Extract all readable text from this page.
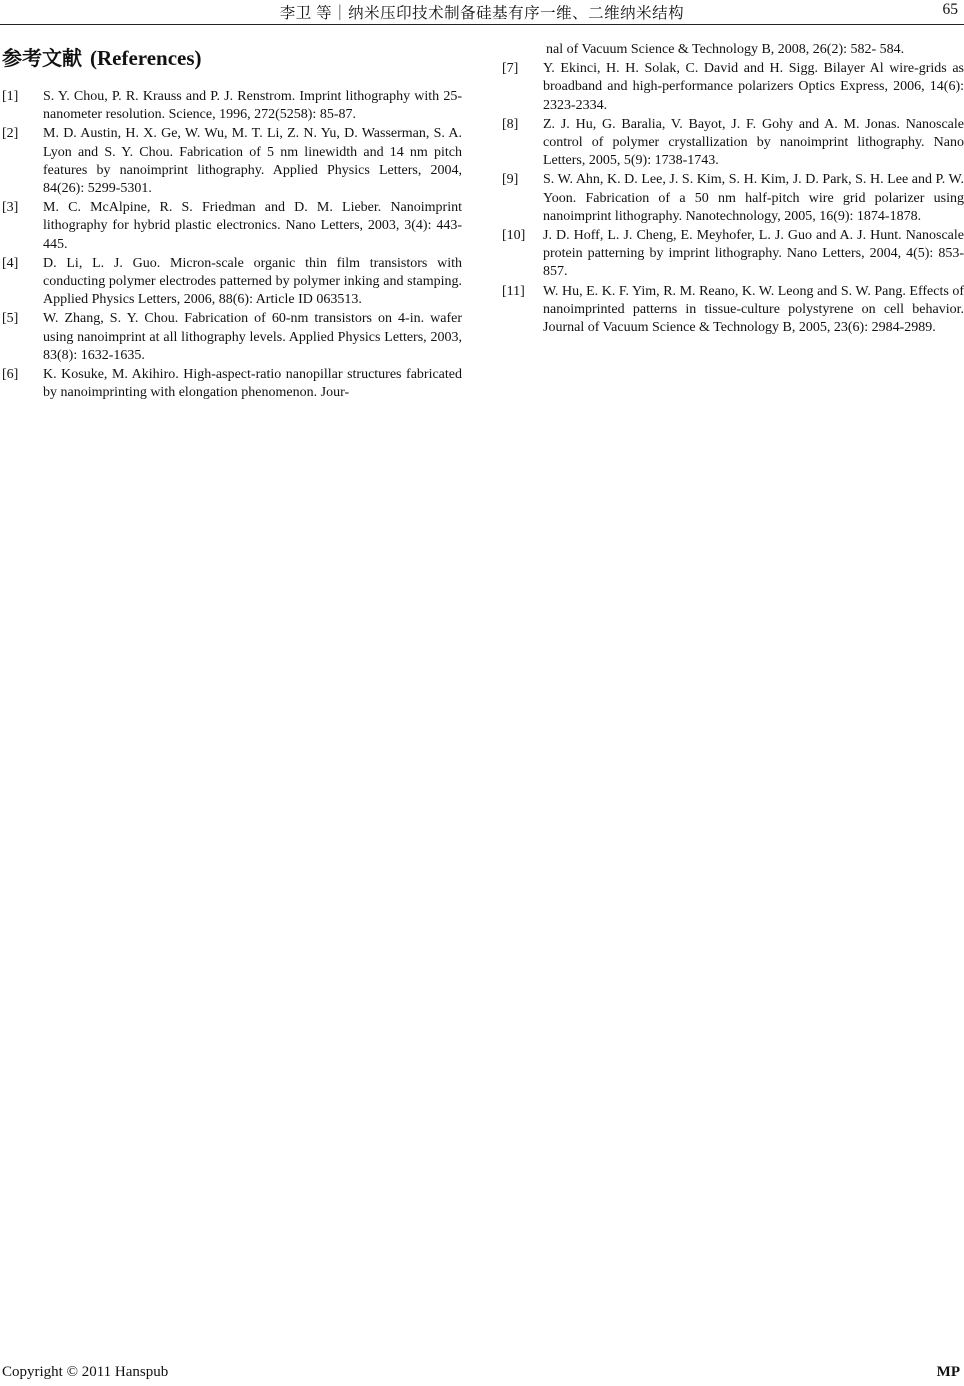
李卫 等｜纳米压印技术制备硅基有序一维、二维纳米结构	65
参考文献 (References)
[1]	S. Y. Chou, P. R. Krauss and P. J. Renstrom. Imprint lithography with 25-nanometer resolution. Science, 1996, 272(5258): 85-87.
[2]	M. D. Austin, H. X. Ge, W. Wu, M. T. Li, Z. N. Yu, D. Wasserman, S. A. Lyon and S. Y. Chou. Fabrication of 5 nm linewidth and 14 nm pitch features by nanoimprint lithography. Applied Physics Letters, 2004, 84(26): 5299-5301.
[3]	M. C. McAlpine, R. S. Friedman and D. M. Lieber. Nanoimprint lithography for hybrid plastic electronics. Nano Letters, 2003, 3(4): 443-445.
[4]	D. Li, L. J. Guo. Micron-scale organic thin film transistors with conducting polymer electrodes patterned by polymer inking and stamping. Applied Physics Letters, 2006, 88(6): Article ID 063513.
[5]	W. Zhang, S. Y. Chou. Fabrication of 60-nm transistors on 4-in. wafer using nanoimprint at all lithography levels. Applied Physics Letters, 2003, 83(8): 1632-1635.
[6]	K. Kosuke, M. Akihiro. High-aspect-ratio nanopillar structures fabricated by nanoimprinting with elongation phenomenon. Jour-
nal of Vacuum Science & Technology B, 2008, 26(2): 582- 584.
[7]	Y. Ekinci, H. H. Solak, C. David and H. Sigg. Bilayer Al wire-grids as broadband and high-performance polarizers Optics Express, 2006, 14(6): 2323-2334.
[8]	Z. J. Hu, G. Baralia, V. Bayot, J. F. Gohy and A. M. Jonas. Nanoscale control of polymer crystallization by nanoimprint lithography. Nano Letters, 2005, 5(9): 1738-1743.
[9]	S. W. Ahn, K. D. Lee, J. S. Kim, S. H. Kim, J. D. Park, S. H. Lee and P. W. Yoon. Fabrication of a 50 nm half-pitch wire grid polarizer using nanoimprint lithography. Nanotechnology, 2005, 16(9): 1874-1878.
[10]	J. D. Hoff, L. J. Cheng, E. Meyhofer, L. J. Guo and A. J. Hunt. Nanoscale protein patterning by imprint lithography. Nano Letters, 2004, 4(5): 853-857.
[11]	W. Hu, E. K. F. Yim, R. M. Reano, K. W. Leong and S. W. Pang. Effects of nanoimprinted patterns in tissue-culture polystyrene on cell behavior. Journal of Vacuum Science & Technology B, 2005, 23(6): 2984-2989.
Copyright © 2011 Hanspub	MP
